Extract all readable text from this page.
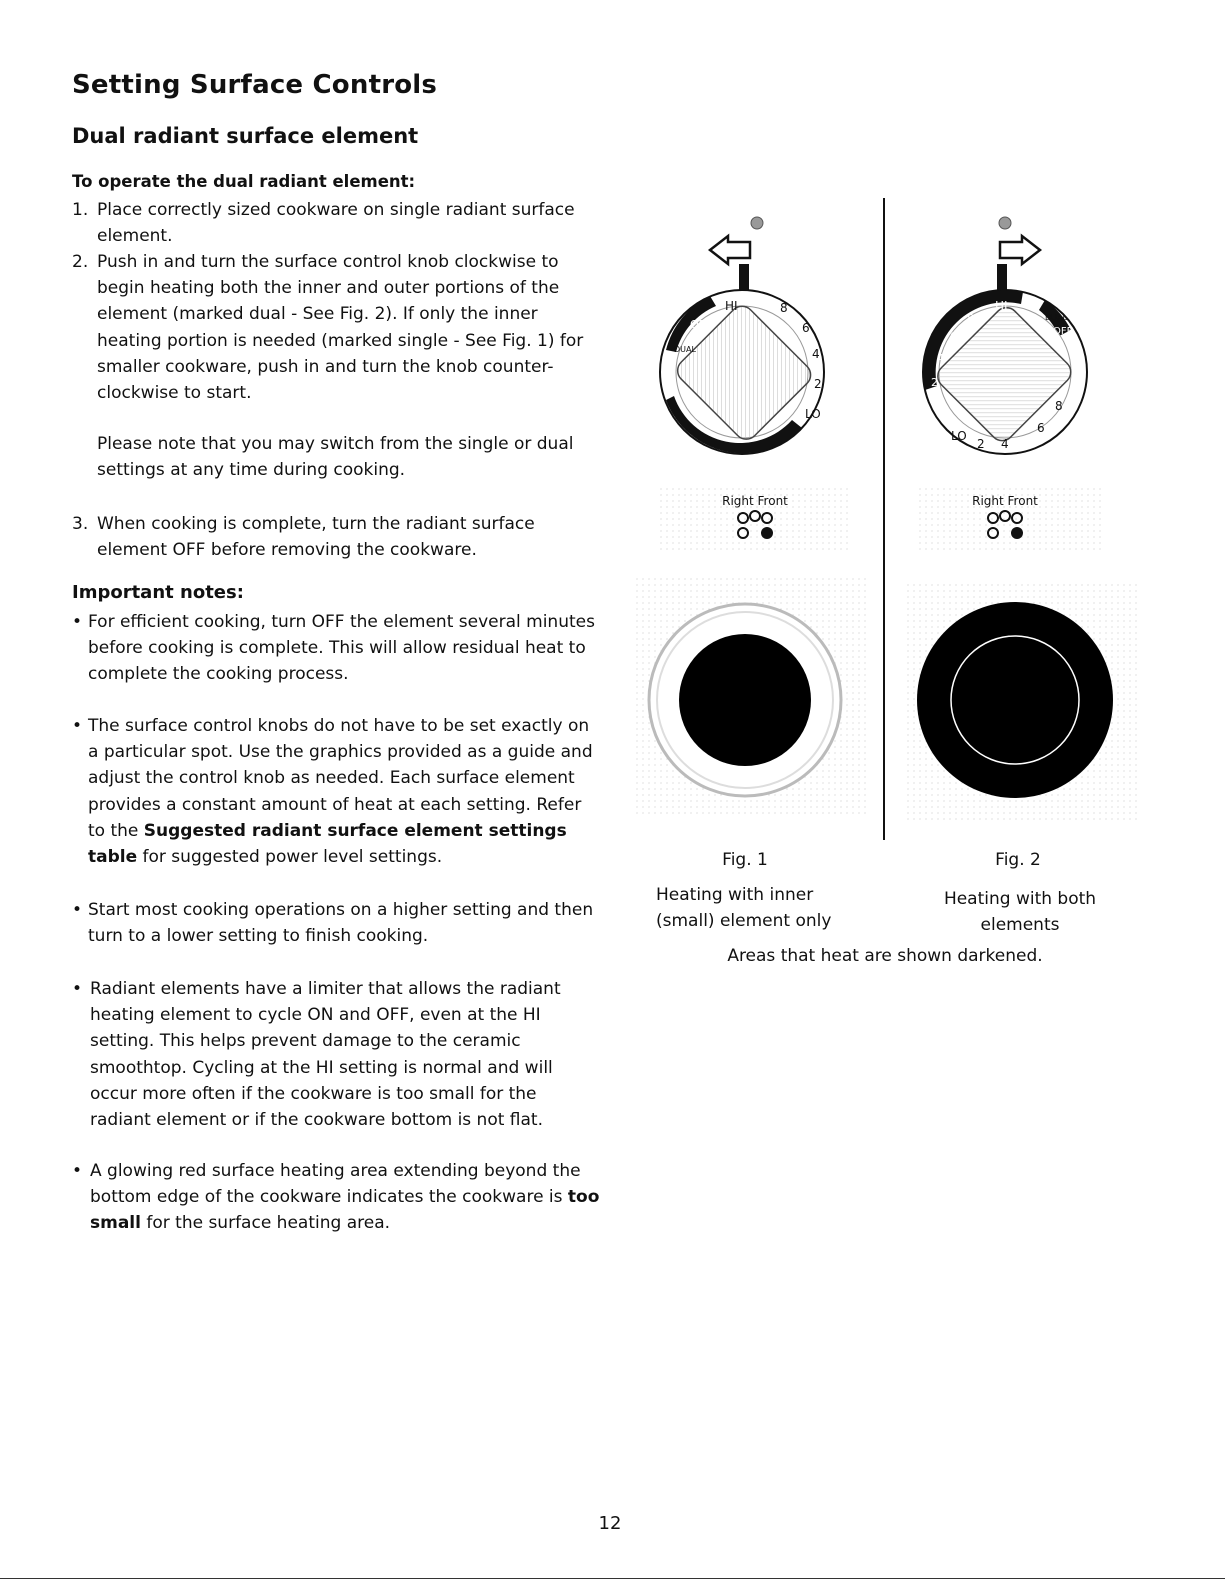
Setting Surface Controls
Dual radiant surface element
To operate the dual radiant element:
1. Place correctly sized cookware on single radiant surface element.
2. Push in and turn the surface control knob clockwise to begin heating both the inner and outer portions of the element (marked dual - See Fig. 2). If only the inner heating portion is needed (marked single - See Fig. 1) for smaller cookware, push in and turn the knob counter-clockwise to start.
Please note that you may switch from the single or dual settings at any time during cooking.
3. When cooking is complete, turn the radiant surface element OFF before removing the cookware.
Important notes:
• For efficient cooking, turn OFF the element several minutes before cooking is complete. This will allow residual heat to complete the cooking process.
• The surface control knobs do not have to be set exactly on a particular spot. Use the graphics provided as a guide and adjust the control knob as needed. Each surface element provides a constant amount of heat at each setting. Refer to the Suggested radiant surface element settings table for suggested power level settings.
• Start most cooking operations on a higher setting and then turn to a lower setting to finish cooking.
• Radiant elements have a limiter that allows the radiant heating element to cycle ON and OFF, even at the HI setting. This helps prevent damage to the ceramic smoothtop. Cycling at the HI setting is normal and will occur more often if the cookware is too small for the radiant element or if the cookware bottom is not flat.
• A glowing red surface heating area extending beyond the bottom edge of the cookware indicates the cookware is too small for the surface heating area.
HI	8
6
4
2
LO
OFF
DUAL
Right Front
HI
8
6
4
2
DUAL
OFF
8
6
4
2
LO
Right Front
Fig. 1	Fig. 2
Heating with inner
(small) element only
Heating with both
elements
Areas that heat are shown darkened.
12
